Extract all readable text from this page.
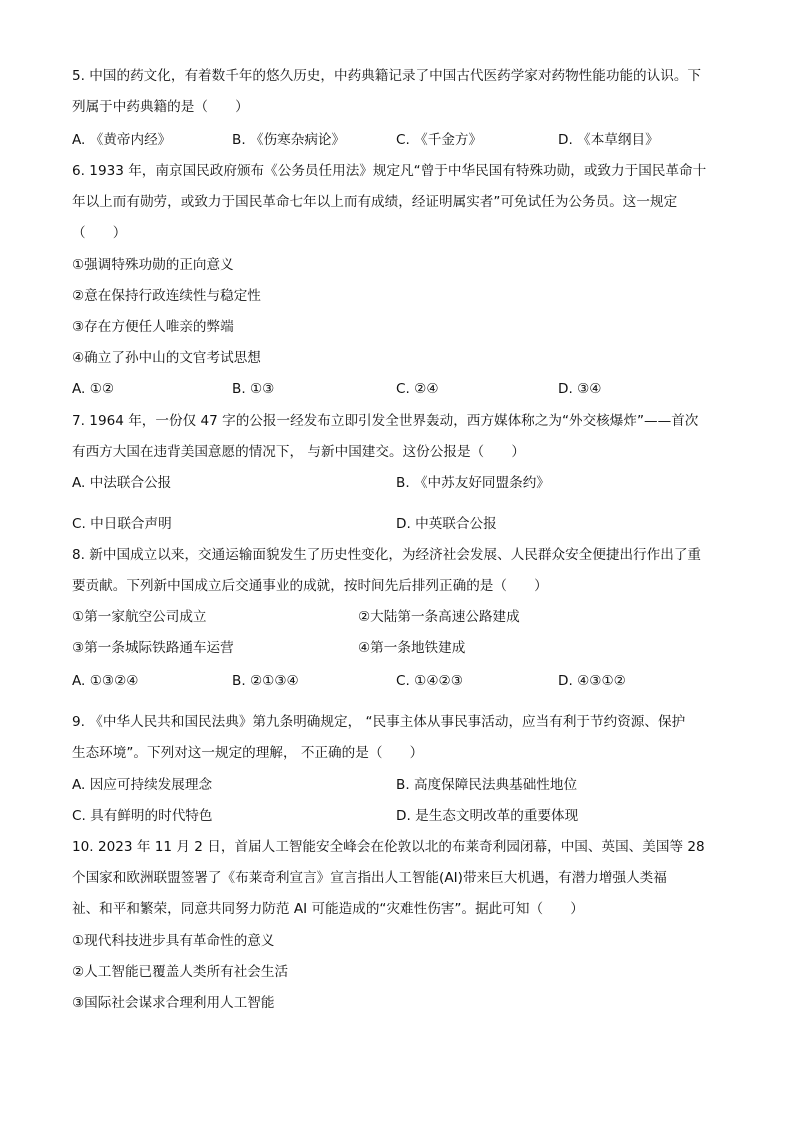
5. 中国的药文化，有着数千年的悠久历史，中药典籍记录了中国古代医药学家对药物性能功能的认识。下
列属于中药典籍的是（　　）
A. 《黄帝内经》	B. 《伤寒杂病论》	C. 《千金方》	D. 《本草纲目》
6. 1933 年，南京国民政府颁布《公务员任用法》规定凡“曾于中华民国有特殊功勋，或致力于国民革命十
年以上而有勋劳，或致力于国民革命七年以上而有成绩，经证明属实者”可免试任为公务员。这一规定
（　　）
①强调特殊功勋的正向意义
②意在保持行政连续性与稳定性
③存在方便任人唯亲的弊端
④确立了孙中山的文官考试思想
A. ①②	B. ①③	C. ②④	D. ③④
7. 1964 年，一份仅 47 字的公报一经发布立即引发全世界轰动，西方媒体称之为“外交核爆炸”——首次
有西方大国在违背美国意愿的情况下， 与新中国建交。这份公报是（　　）
A. 中法联合公报	B. 《中苏友好同盟条约》
C. 中日联合声明	D. 中英联合公报
8. 新中国成立以来，交通运输面貌发生了历史性变化，为经济社会发展、人民群众安全便捷出行作出了重
要贡献。下列新中国成立后交通事业的成就，按时间先后排列正确的是（　　）
①第一家航空公司成立	②大陆第一条高速公路建成
③第一条城际铁路通车运营	④第一条地铁建成
A. ①③②④	B. ②①③④	C. ①④②③	D. ④③①②
9. 《中华人民共和国民法典》第九条明确规定， “民事主体从事民事活动，应当有利于节约资源、保护
生态环境”。下列对这一规定的理解， 不正确的是（　　）
A. 因应可持续发展理念	B. 高度保障民法典基础性地位
C. 具有鲜明的时代特色	D. 是生态文明改革的重要体现
10. 2023 年 11 月 2 日，首届人工智能安全峰会在伦敦以北的布莱奇利园闭幕，中国、英国、美国等 28
个国家和欧洲联盟签署了《布莱奇利宣言》宣言指出人工智能(AI)带来巨大机遇，有潜力增强人类福
祉、和平和繁荣，同意共同努力防范 AI 可能造成的“灾难性伤害”。据此可知（　　）
①现代科技进步具有革命性的意义
②人工智能已覆盖人类所有社会生活
③国际社会谋求合理利用人工智能
